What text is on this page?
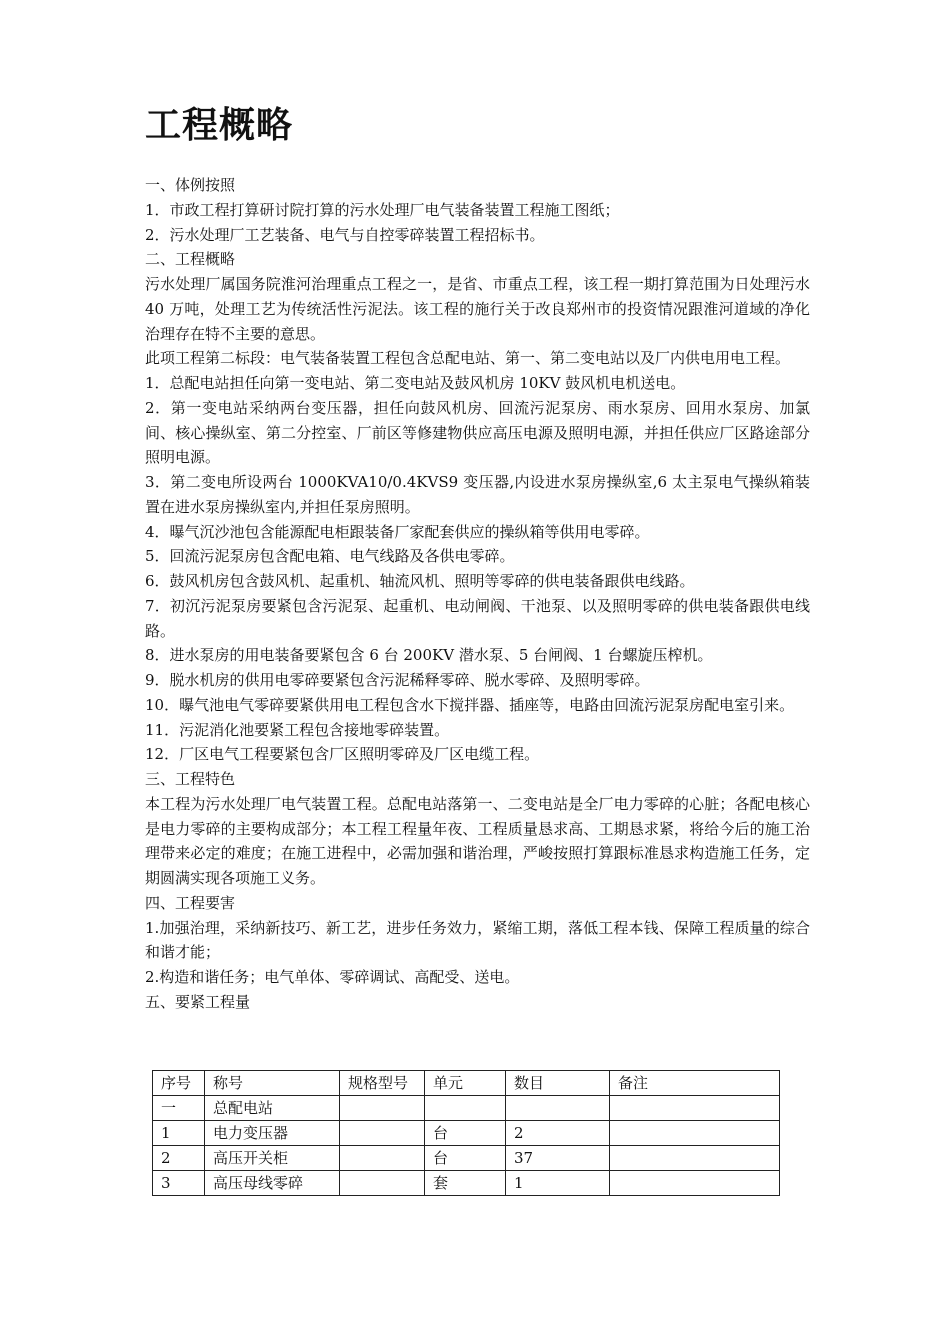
工程概略

一、体例按照

1．市政工程打算研讨院打算的污水处理厂电气装备装置工程施工图纸；

2．污水处理厂工艺装备、电气与自控零碎装置工程招标书。

二、工程概略

污水处理厂属国务院淮河治理重点工程之一，是省、市重点工程，该工程一期打算范围为日处理污水 40 万吨，处理工艺为传统活性污泥法。该工程的施行关于改良郑州市的投资情况跟淮河道域的净化治理存在特不主要的意思。

此项工程第二标段：电气装备装置工程包含总配电站、第一、第二变电站以及厂内供电用电工程。

1．总配电站担任向第一变电站、第二变电站及鼓风机房 10KV 鼓风机电机送电。

2．第一变电站采纳两台变压器，担任向鼓风机房、回流污泥泵房、雨水泵房、回用水泵房、加氯间、核心操纵室、第二分控室、厂前区等修建物供应高压电源及照明电源，并担任供应厂区路途部分照明电源。

3．第二变电所设两台 1000KVA10/0.4KVS9 变压器,内设进水泵房操纵室,6 太主泵电气操纵箱装置在进水泵房操纵室内,并担任泵房照明。

4．曝气沉沙池包含能源配电柜跟装备厂家配套供应的操纵箱等供用电零碎。

5．回流污泥泵房包含配电箱、电气线路及各供电零碎。

6．鼓风机房包含鼓风机、起重机、轴流风机、照明等零碎的供电装备跟供电线路。

7．初沉污泥泵房要紧包含污泥泵、起重机、电动闸阀、干池泵、以及照明零碎的供电装备跟供电线路。

8．进水泵房的用电装备要紧包含 6 台 200KV 潜水泵、5 台闸阀、1 台螺旋压榨机。

9．脱水机房的供用电零碎要紧包含污泥稀释零碎、脱水零碎、及照明零碎。

10．曝气池电气零碎要紧供用电工程包含水下搅拌器、插座等，电路由回流污泥泵房配电室引来。

11．污泥消化池要紧工程包含接地零碎装置。

12．厂区电气工程要紧包含厂区照明零碎及厂区电缆工程。

三、工程特色

本工程为污水处理厂电气装置工程。总配电站落第一、二变电站是全厂电力零碎的心脏；各配电核心是电力零碎的主要构成部分；本工程工程量年夜、工程质量恳求高、工期恳求紧，将给今后的施工治理带来必定的难度；在施工进程中，必需加强和谐治理，严峻按照打算跟标准恳求构造施工任务，定期圆满实现各项施工义务。

四、工程要害

1.加强治理，采纳新技巧、新工艺，进步任务效力，紧缩工期，落低工程本钱、保障工程质量的综合和谐才能；

2.构造和谐任务；电气单体、零碎调试、高配受、送电。

五、要紧工程量

序号	称号	规格型号	单元	数目	备注
一	总配电站				
1	电力变压器		台	2	
2	高压开关柜		台	37	
3	高压母线零碎		套	1	
